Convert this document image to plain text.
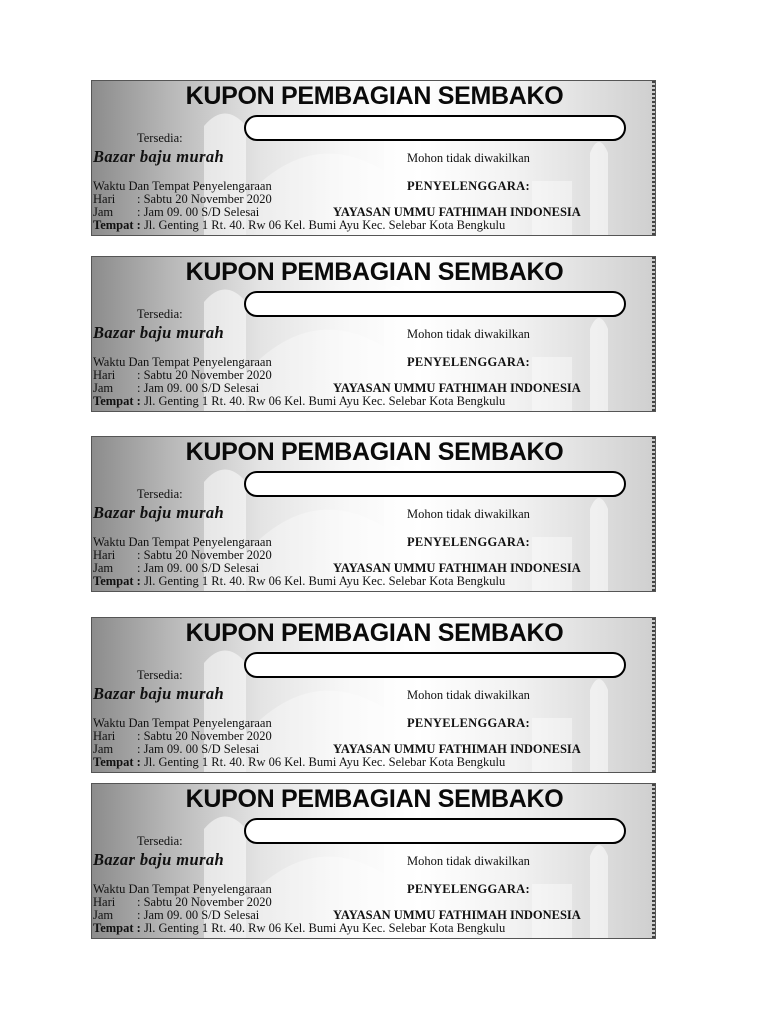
KUPON PEMBAGIAN SEMBAKO
Tersedia:
Bazar baju murah	Mohon tidak diwakilkan
Waktu Dan Tempat Penyelengaraan	PENYELENGGARA:
Hari : Sabtu 20 November 2020
Jam : Jam 09. 00 S/D Selesai	YAYASAN UMMU FATHIMAH INDONESIA
Tempat : Jl. Genting 1 Rt. 40. Rw 06 Kel. Bumi Ayu Kec. Selebar Kota Bengkulu
KUPON PEMBAGIAN SEMBAKO
Tersedia:
Bazar baju murah	Mohon tidak diwakilkan
Waktu Dan Tempat Penyelengaraan	PENYELENGGARA:
Hari : Sabtu 20 November 2020
Jam : Jam 09. 00 S/D Selesai	YAYASAN UMMU FATHIMAH INDONESIA
Tempat : Jl. Genting 1 Rt. 40. Rw 06 Kel. Bumi Ayu Kec. Selebar Kota Bengkulu
KUPON PEMBAGIAN SEMBAKO
Tersedia:
Bazar baju murah	Mohon tidak diwakilkan
Waktu Dan Tempat Penyelengaraan	PENYELENGGARA:
Hari : Sabtu 20 November 2020
Jam : Jam 09. 00 S/D Selesai	YAYASAN UMMU FATHIMAH INDONESIA
Tempat : Jl. Genting 1 Rt. 40. Rw 06 Kel. Bumi Ayu Kec. Selebar Kota Bengkulu
KUPON PEMBAGIAN SEMBAKO
Tersedia:
Bazar baju murah	Mohon tidak diwakilkan
Waktu Dan Tempat Penyelengaraan	PENYELENGGARA:
Hari : Sabtu 20 November 2020
Jam : Jam 09. 00 S/D Selesai	YAYASAN UMMU FATHIMAH INDONESIA
Tempat : Jl. Genting 1 Rt. 40. Rw 06 Kel. Bumi Ayu Kec. Selebar Kota Bengkulu
KUPON PEMBAGIAN SEMBAKO
Tersedia:
Bazar baju murah	Mohon tidak diwakilkan
Waktu Dan Tempat Penyelengaraan	PENYELENGGARA:
Hari : Sabtu 20 November 2020
Jam : Jam 09. 00 S/D Selesai	YAYASAN UMMU FATHIMAH INDONESIA
Tempat : Jl. Genting 1 Rt. 40. Rw 06 Kel. Bumi Ayu Kec. Selebar Kota Bengkulu
